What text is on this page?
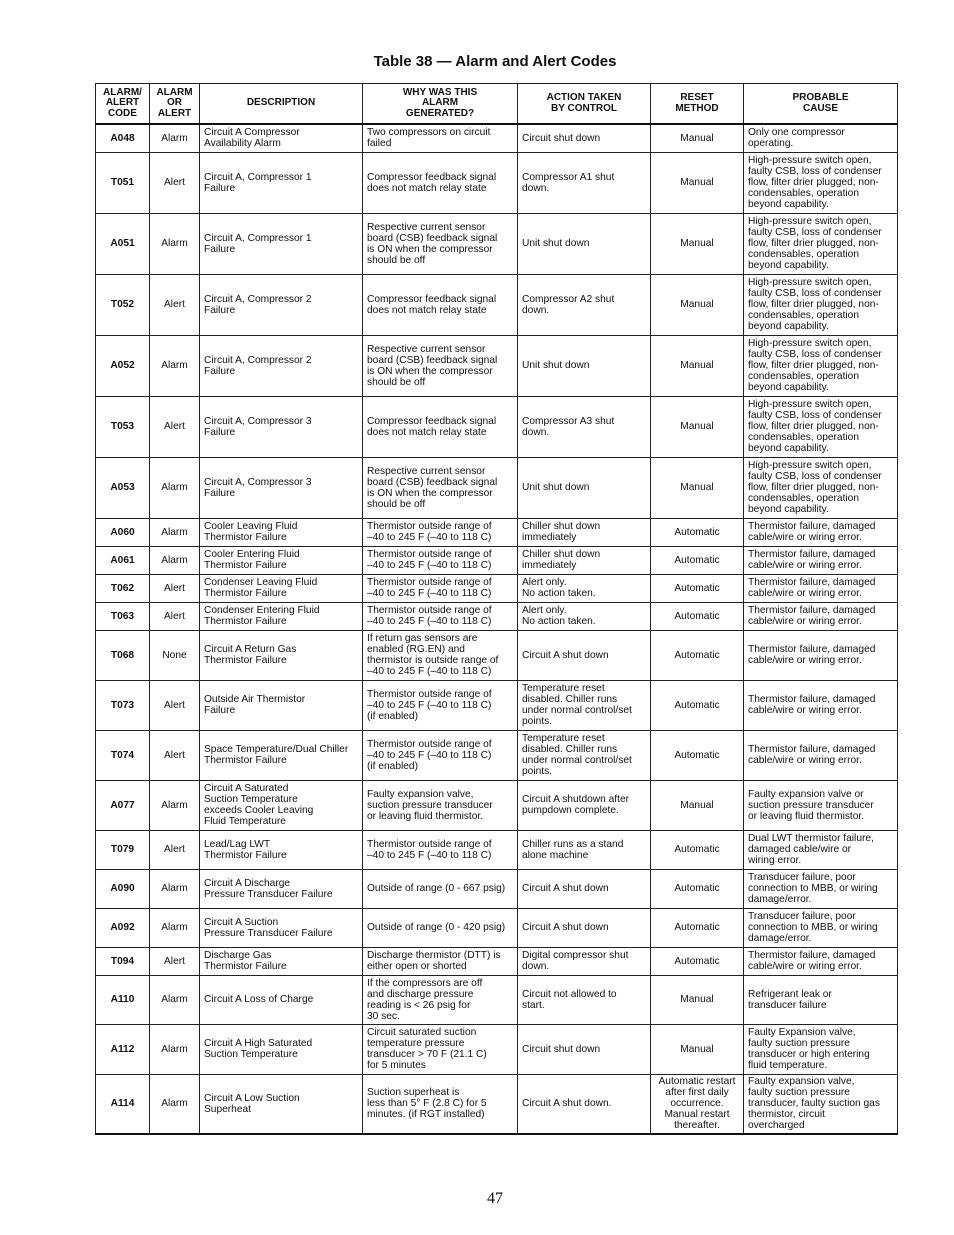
Table 38 — Alarm and Alert Codes
ALARM/
ALERT
CODE	ALARM
OR
ALERT	DESCRIPTION	WHY WAS THIS
ALARM
GENERATED?	ACTION TAKEN
BY CONTROL	RESET
METHOD	PROBABLE
CAUSE
A048	Alarm	Circuit A Compressor
Availability Alarm	Two compressors on circuit
failed	Circuit shut down	Manual	Only one compressor
operating.
T051	Alert	Circuit A, Compressor 1
Failure	Compressor feedback signal
does not match relay state	Compressor A1 shut
down.	Manual	High-pressure switch open,
faulty CSB, loss of condenser
flow, filter drier plugged, non-
condensables, operation
beyond capability.
A051	Alarm	Circuit A, Compressor 1
Failure	Respective current sensor
board (CSB) feedback signal
is ON when the compressor
should be off	Unit shut down	Manual	High-pressure switch open,
faulty CSB, loss of condenser
flow, filter drier plugged, non-
condensables, operation
beyond capability.
T052	Alert	Circuit A, Compressor 2
Failure	Compressor feedback signal
does not match relay state	Compressor A2 shut
down.	Manual	High-pressure switch open,
faulty CSB, loss of condenser
flow, filter drier plugged, non-
condensables, operation
beyond capability.
A052	Alarm	Circuit A, Compressor 2
Failure	Respective current sensor
board (CSB) feedback signal
is ON when the compressor
should be off	Unit shut down	Manual	High-pressure switch open,
faulty CSB, loss of condenser
flow, filter drier plugged, non-
condensables, operation
beyond capability.
T053	Alert	Circuit A, Compressor 3
Failure	Compressor feedback signal
does not match relay state	Compressor A3 shut
down.	Manual	High-pressure switch open,
faulty CSB, loss of condenser
flow, filter drier plugged, non-
condensables, operation
beyond capability.
A053	Alarm	Circuit A, Compressor 3
Failure	Respective current sensor
board (CSB) feedback signal
is ON when the compressor
should be off	Unit shut down	Manual	High-pressure switch open,
faulty CSB, loss of condenser
flow, filter drier plugged, non-
condensables, operation
beyond capability.
A060	Alarm	Cooler Leaving Fluid
Thermistor Failure	Thermistor outside range of
–40 to 245 F (–40 to 118 C)	Chiller shut down
immediately	Automatic	Thermistor failure, damaged
cable/wire or wiring error.
A061	Alarm	Cooler Entering Fluid
Thermistor Failure	Thermistor outside range of
–40 to 245 F (–40 to 118 C)	Chiller shut down
immediately	Automatic	Thermistor failure, damaged
cable/wire or wiring error.
T062	Alert	Condenser Leaving Fluid
Thermistor Failure	Thermistor outside range of
–40 to 245 F (–40 to 118 C)	Alert only.
No action taken.	Automatic	Thermistor failure, damaged
cable/wire or wiring error.
T063	Alert	Condenser Entering Fluid
Thermistor Failure	Thermistor outside range of
–40 to 245 F (–40 to 118 C)	Alert only.
No action taken.	Automatic	Thermistor failure, damaged
cable/wire or wiring error.
T068	None	Circuit A Return Gas
Thermistor Failure	If return gas sensors are
enabled (RG.EN) and
thermistor is outside range of
–40 to 245 F (–40 to 118 C)	Circuit A shut down	Automatic	Thermistor failure, damaged
cable/wire or wiring error.
T073	Alert	Outside Air Thermistor
Failure	Thermistor outside range of
–40 to 245 F (–40 to 118 C)
(if enabled)	Temperature reset
disabled. Chiller runs
under normal control/set
points.	Automatic	Thermistor failure, damaged
cable/wire or wiring error.
T074	Alert	Space Temperature/Dual Chiller
Thermistor Failure	Thermistor outside range of
–40 to 245 F (–40 to 118 C)
(if enabled)	Temperature reset
disabled. Chiller runs
under normal control/set
points.	Automatic	Thermistor failure, damaged
cable/wire or wiring error.
A077	Alarm	Circuit A Saturated
Suction Temperature
exceeds Cooler Leaving
Fluid Temperature	Faulty expansion valve,
suction pressure transducer
or leaving fluid thermistor.	Circuit A shutdown after
pumpdown complete.	Manual	Faulty expansion valve or
suction pressure transducer
or leaving fluid thermistor.
T079	Alert	Lead/Lag LWT
Thermistor Failure	Thermistor outside range of
–40 to 245 F (–40 to 118 C)	Chiller runs as a stand
alone machine	Automatic	Dual LWT thermistor failure,
damaged cable/wire or
wiring error.
A090	Alarm	Circuit A Discharge
Pressure Transducer Failure	Outside of range (0 - 667 psig)	Circuit A shut down	Automatic	Transducer failure, poor
connection to MBB, or wiring
damage/error.
A092	Alarm	Circuit A Suction
Pressure Transducer Failure	Outside of range (0 - 420 psig)	Circuit A shut down	Automatic	Transducer failure, poor
connection to MBB, or wiring
damage/error.
T094	Alert	Discharge Gas
Thermistor Failure	Discharge thermistor (DTT) is
either open or shorted	Digital compressor shut
down.	Automatic	Thermistor failure, damaged
cable/wire or wiring error.
A110	Alarm	Circuit A Loss of Charge	If the compressors are off
and discharge pressure
reading is < 26 psig for
30 sec.	Circuit not allowed to
start.	Manual	Refrigerant leak or
transducer failure
A112	Alarm	Circuit A High Saturated
Suction Temperature	Circuit saturated suction
temperature pressure
transducer > 70 F (21.1 C)
for 5 minutes	Circuit shut down	Manual	Faulty Expansion valve,
faulty suction pressure
transducer or high entering
fluid temperature.
A114	Alarm	Circuit A Low Suction
Superheat	Suction superheat is
less than 5° F (2.8 C) for 5
minutes. (if RGT installed)	Circuit A shut down.	Automatic restart
after first daily
occurrence.
Manual restart
thereafter.	Faulty expansion valve,
faulty suction pressure
transducer, faulty suction gas
thermistor, circuit
overcharged
47
